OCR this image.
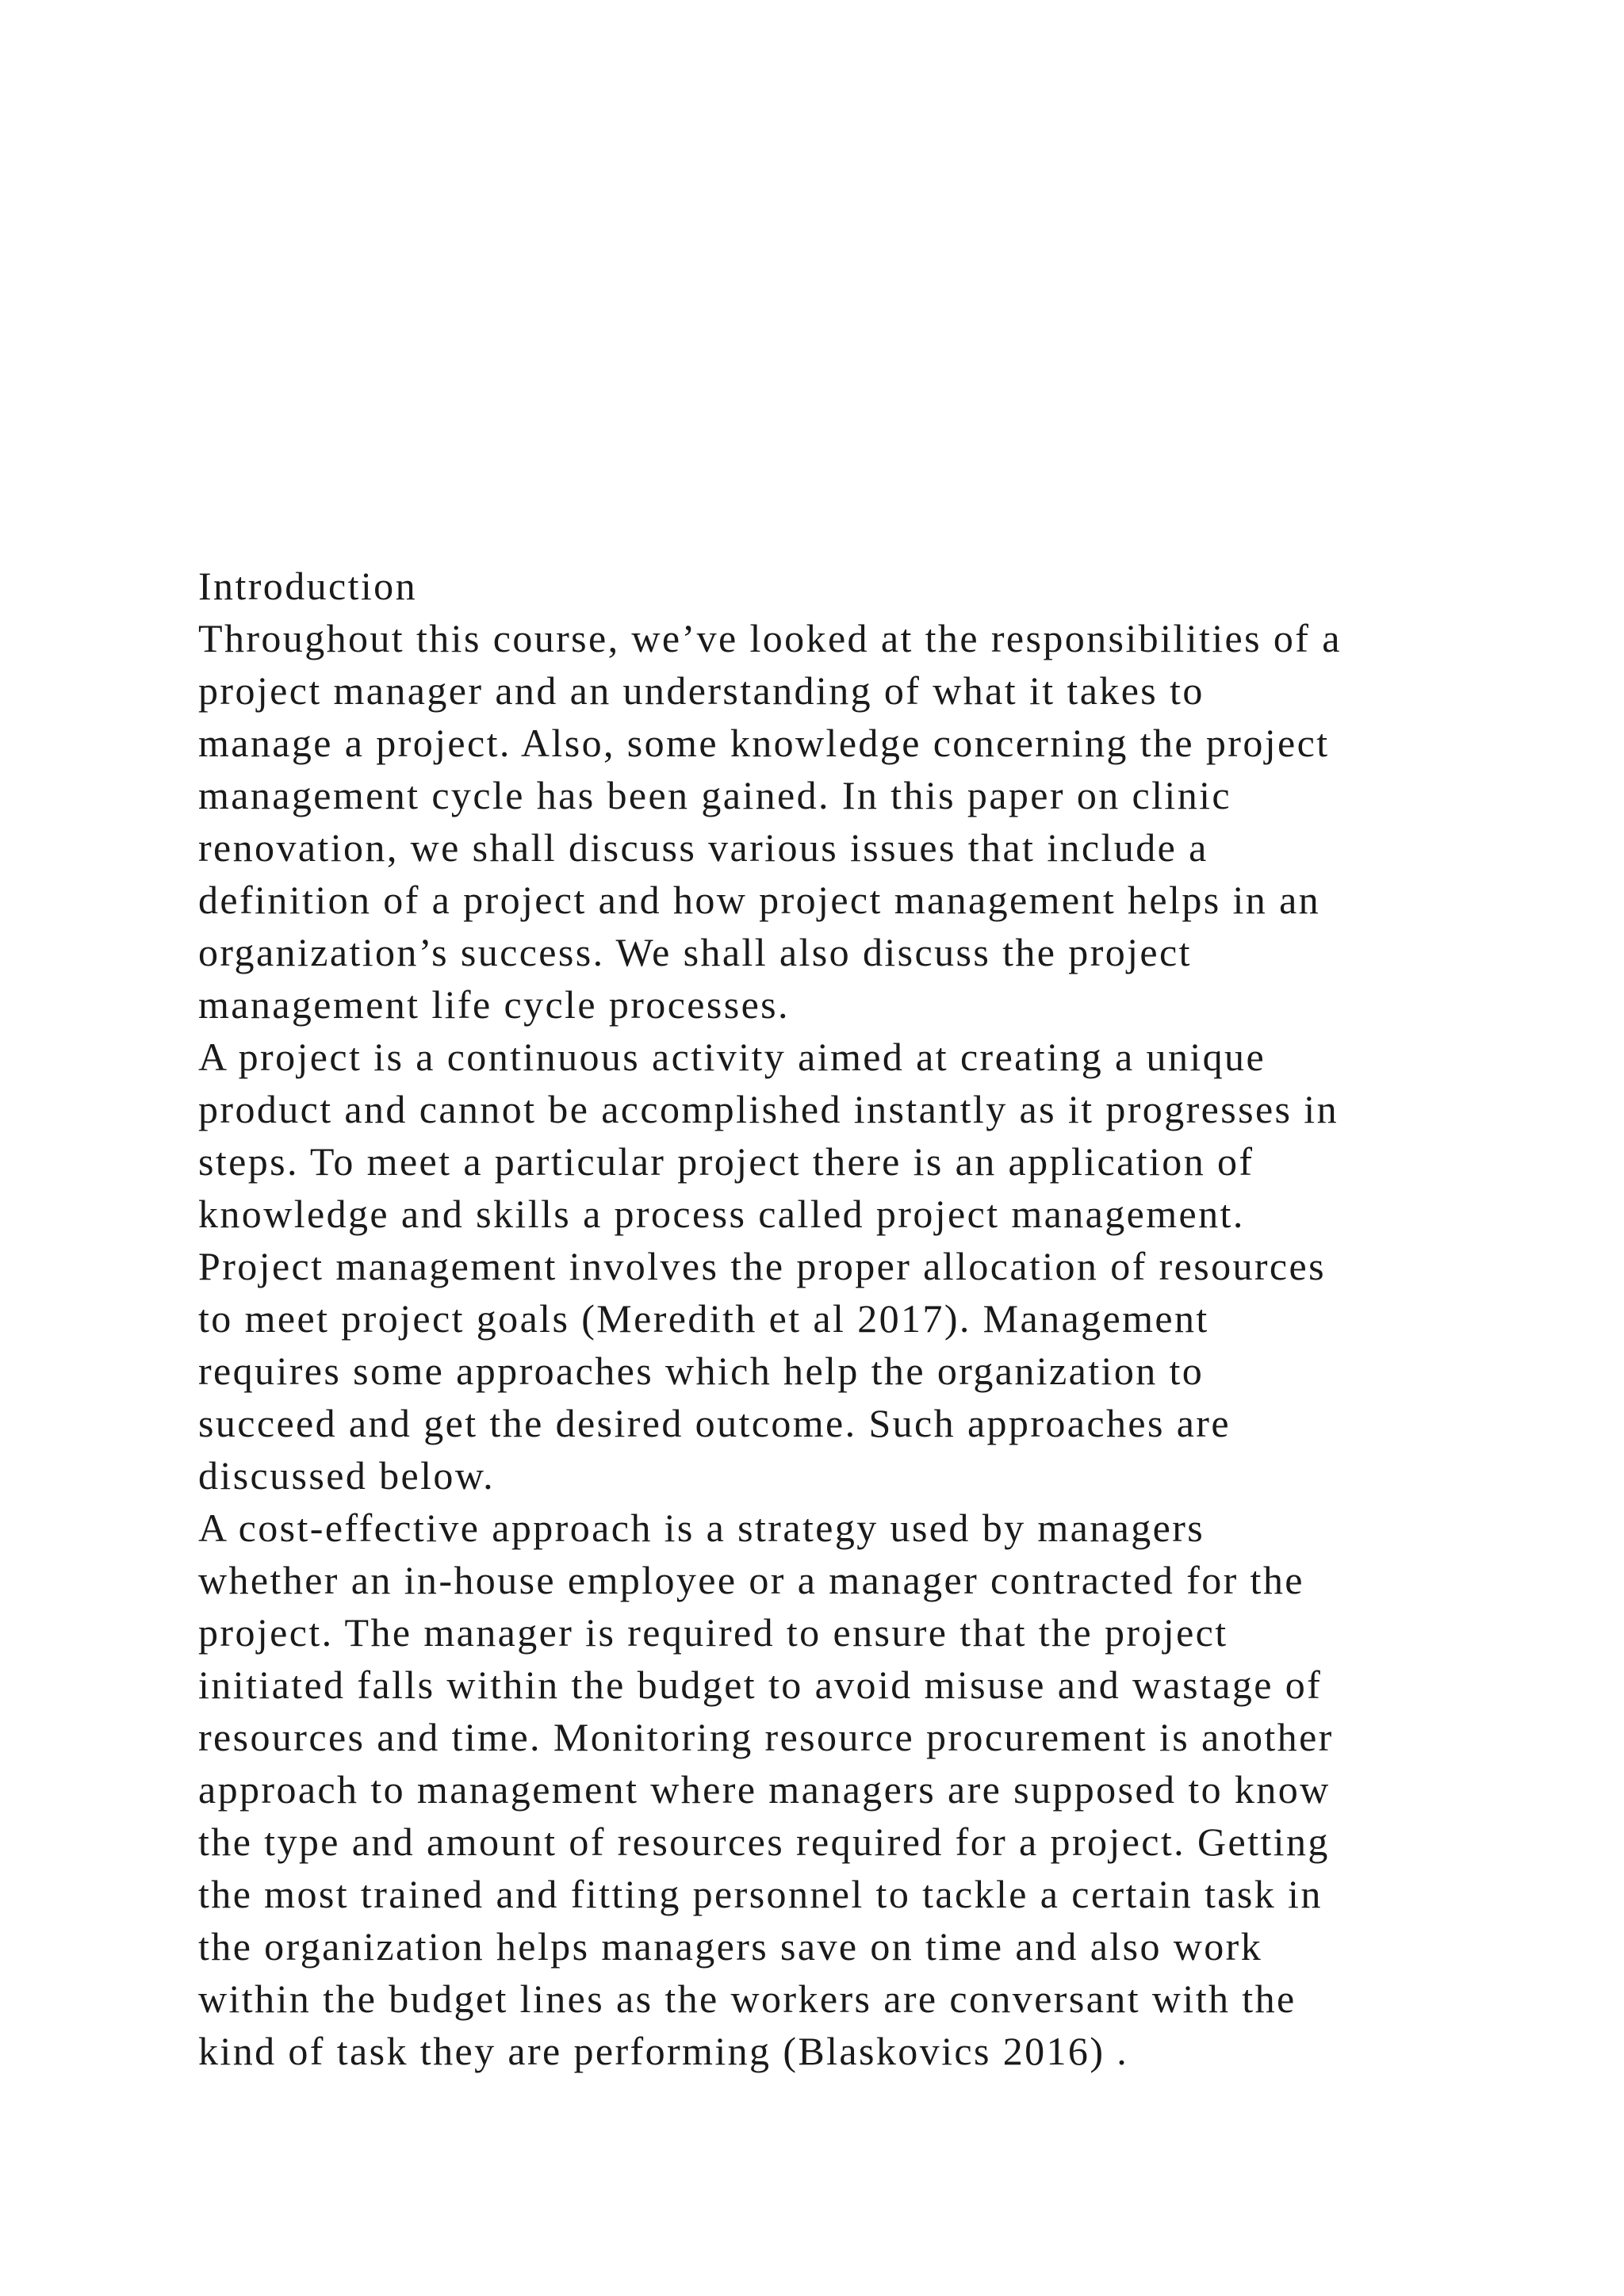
Introduction
Throughout this course, we’ve looked at the responsibilities of a
project manager and an understanding of what it takes to
manage a project. Also, some knowledge concerning the project
management cycle has been gained. In this paper on clinic
renovation, we shall discuss various issues that include a
definition of a project and how project management helps in an
organization’s success. We shall also discuss the project
management life cycle processes.
A project is a continuous activity aimed at creating a unique
product and cannot be accomplished instantly as it progresses in
steps. To meet a particular project there is an application of
knowledge and skills a process called project management.
Project management involves the proper allocation of resources
to meet project goals (Meredith et al 2017). Management
requires some approaches which help the organization to
succeed and get the desired outcome. Such approaches are
discussed below.
A cost-effective approach is a strategy used by managers
whether an in-house employee or a manager contracted for the
project. The manager is required to ensure that the project
initiated falls within the budget to avoid misuse and wastage of
resources and time. Monitoring resource procurement is another
approach to management where managers are supposed to know
the type and amount of resources required for a project. Getting
the most trained and fitting personnel to tackle a certain task in
the organization helps managers save on time and also work
within the budget lines as the workers are conversant with the
kind of task they are performing (Blaskovics 2016) .
